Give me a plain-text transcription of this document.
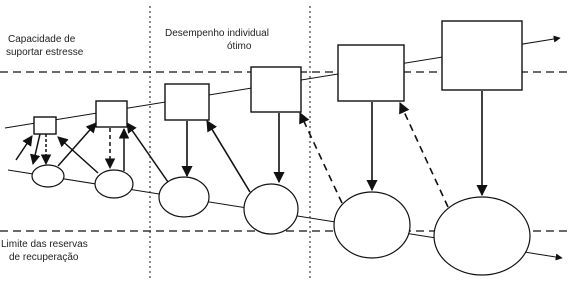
Capacidade de
suportar estresse
Desempenho individual
ótimo
Limite das reservas
de recuperação
